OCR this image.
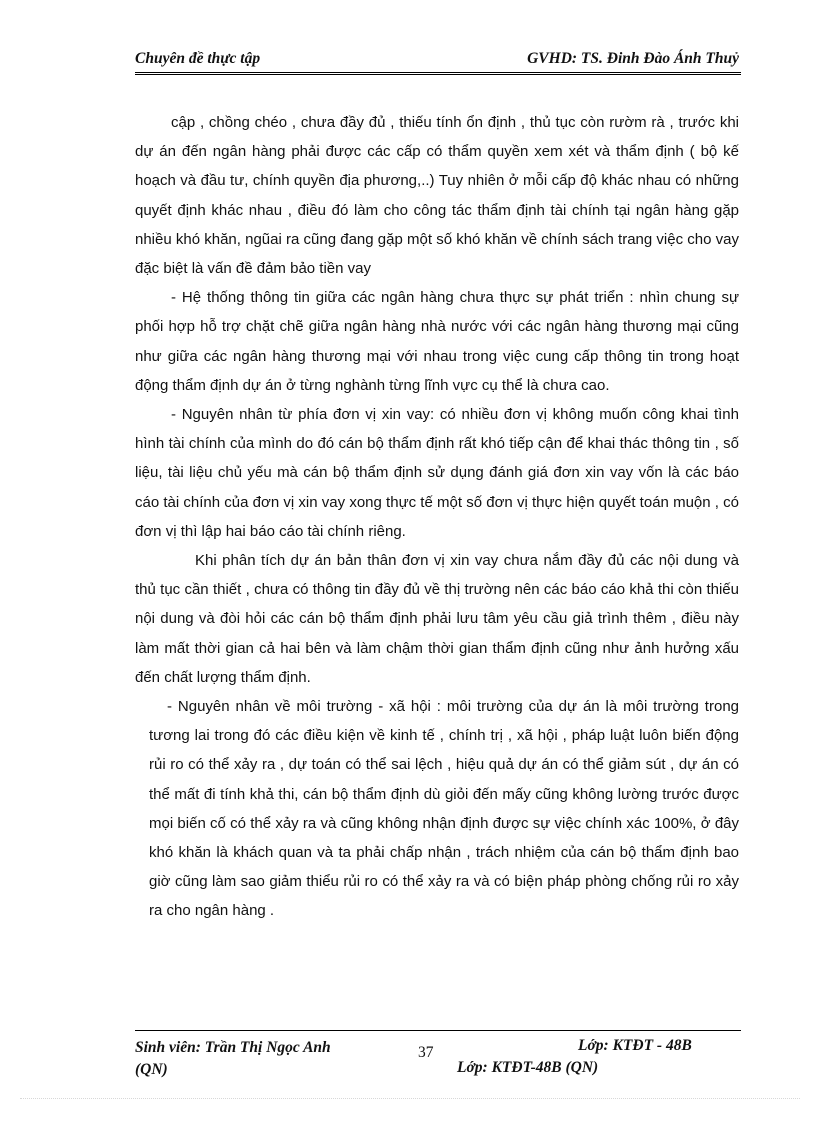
Chuyên đề thực tập	GVHD: TS. Đinh Đào Ánh Thuỷ

cập , chồng chéo , chưa đầy đủ , thiếu tính ổn định , thủ tục còn rườm rà , trước khi dự án đến ngân hàng phải được các cấp có thẩm quyền xem xét và thẩm định ( bộ kế hoạch và đầu tư, chính quyền địa phương,..) Tuy nhiên ở mỗi cấp độ khác nhau có những quyết định khác nhau , điều đó làm cho công tác thẩm định tài chính tại ngân hàng gặp nhiều khó khăn, ngũai ra cũng đang gặp một số khó khăn về chính sách trang việc cho vay đặc biệt là vấn đề đảm bảo tiền vay

- Hệ thống thông tin giữa các ngân hàng chưa thực sự phát triển : nhìn chung sự phối hợp hỗ trợ chặt chẽ giữa ngân hàng nhà nước với các ngân hàng thương mại cũng như giữa các ngân hàng thương mại với nhau trong việc cung cấp thông tin trong hoạt động thẩm định dự án ở từng nghành từng lĩnh vực cụ thể là chưa cao.

- Nguyên nhân từ phía đơn vị xin vay: có nhiều đơn vị không muốn công khai tình hình tài chính của mình do đó cán bộ thẩm định rất khó tiếp cận để khai thác thông tin , số liệu, tài liệu chủ yếu mà cán bộ thẩm định sử dụng đánh giá đơn xin vay vốn là các báo cáo tài chính của đơn vị xin vay xong thực tế một số đơn vị thực hiện quyết toán muộn , có đơn vị thì lập hai báo cáo tài chính riêng.

Khi phân tích dự án bản thân đơn vị xin vay chưa nắm đầy đủ các nội dung và thủ tục cần thiết , chưa có thông tin đầy đủ về thị trường nên các báo cáo khả thi còn thiếu nội dung và đòi hỏi các cán bộ thẩm định phải lưu tâm yêu cầu giả trình thêm , điều này làm mất thời gian cả hai bên và làm chậm thời gian thẩm định cũng như ảnh hưởng xấu đến chất lượng thẩm định.

- Nguyên nhân về môi trường - xã hội : môi trường của dự án là môi trường trong tương lai trong đó các điều kiện về kinh tế , chính trị , xã hội , pháp luật luôn biến động rủi ro có thể xảy ra , dự toán có thể sai lệch , hiệu quả dự án có thể giảm sút , dự án có thể mất đi tính khả thi, cán bộ thẩm định dù giỏi đến mấy cũng không lường trước được mọi biến cố có thể xảy ra và cũng không nhận định được sự việc chính xác 100%, ở đây khó khăn là khách quan và ta phải chấp nhận , trách nhiệm của cán bộ thẩm định bao giờ cũng làm sao giảm thiểu rủi ro có thể xảy ra và có biện pháp phòng chống rủi ro xảy ra cho ngân hàng .

Sinh viên: Trần Thị Ngọc Anh
(QN)
37	Lớp: KTĐT - 48B
Lớp: KTĐT-48B (QN)
